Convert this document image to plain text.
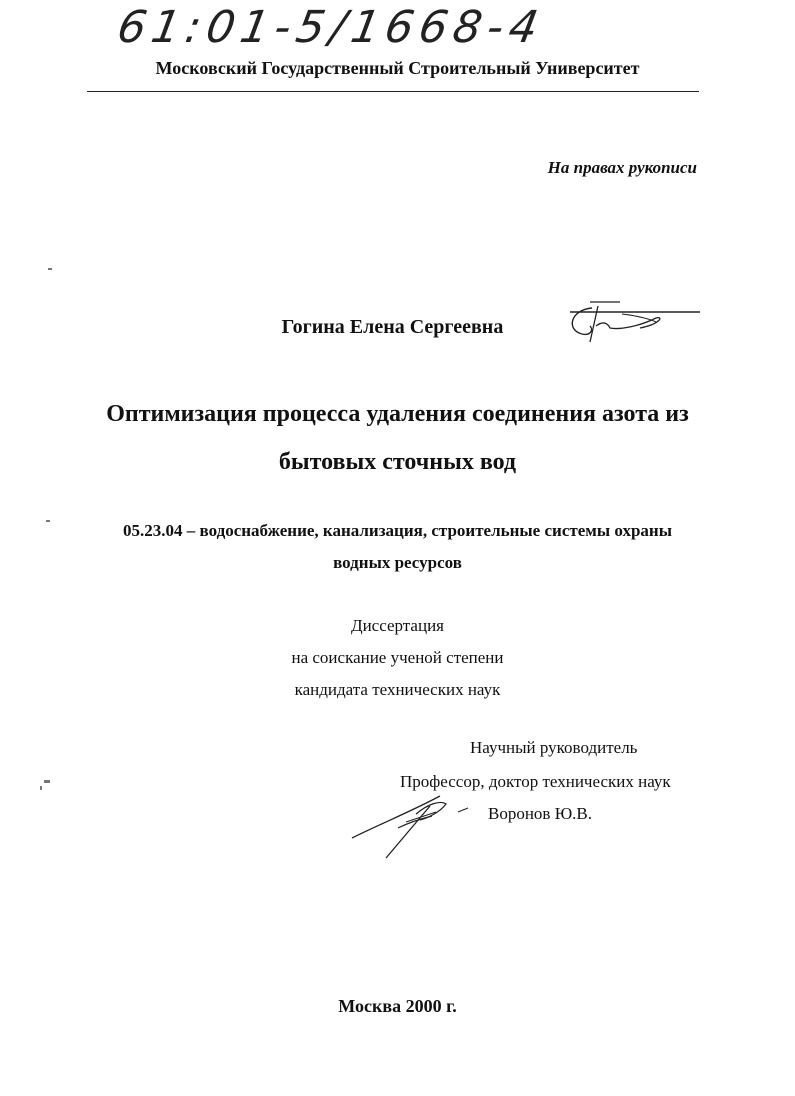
61:01-5/1668-4
Московский Государственный Строительный Университет
На правах рукописи
Гогина Елена Сергеевна
Оптимизация процесса удаления соединения азота из
бытовых сточных вод
05.23.04 – водоснабжение, канализация, строительные системы охраны
водных ресурсов
Диссертация
на соискание ученой степени
кандидата технических наук
Научный руководитель
Профессор, доктор технических наук
Воронов Ю.В.
Москва 2000 г.
